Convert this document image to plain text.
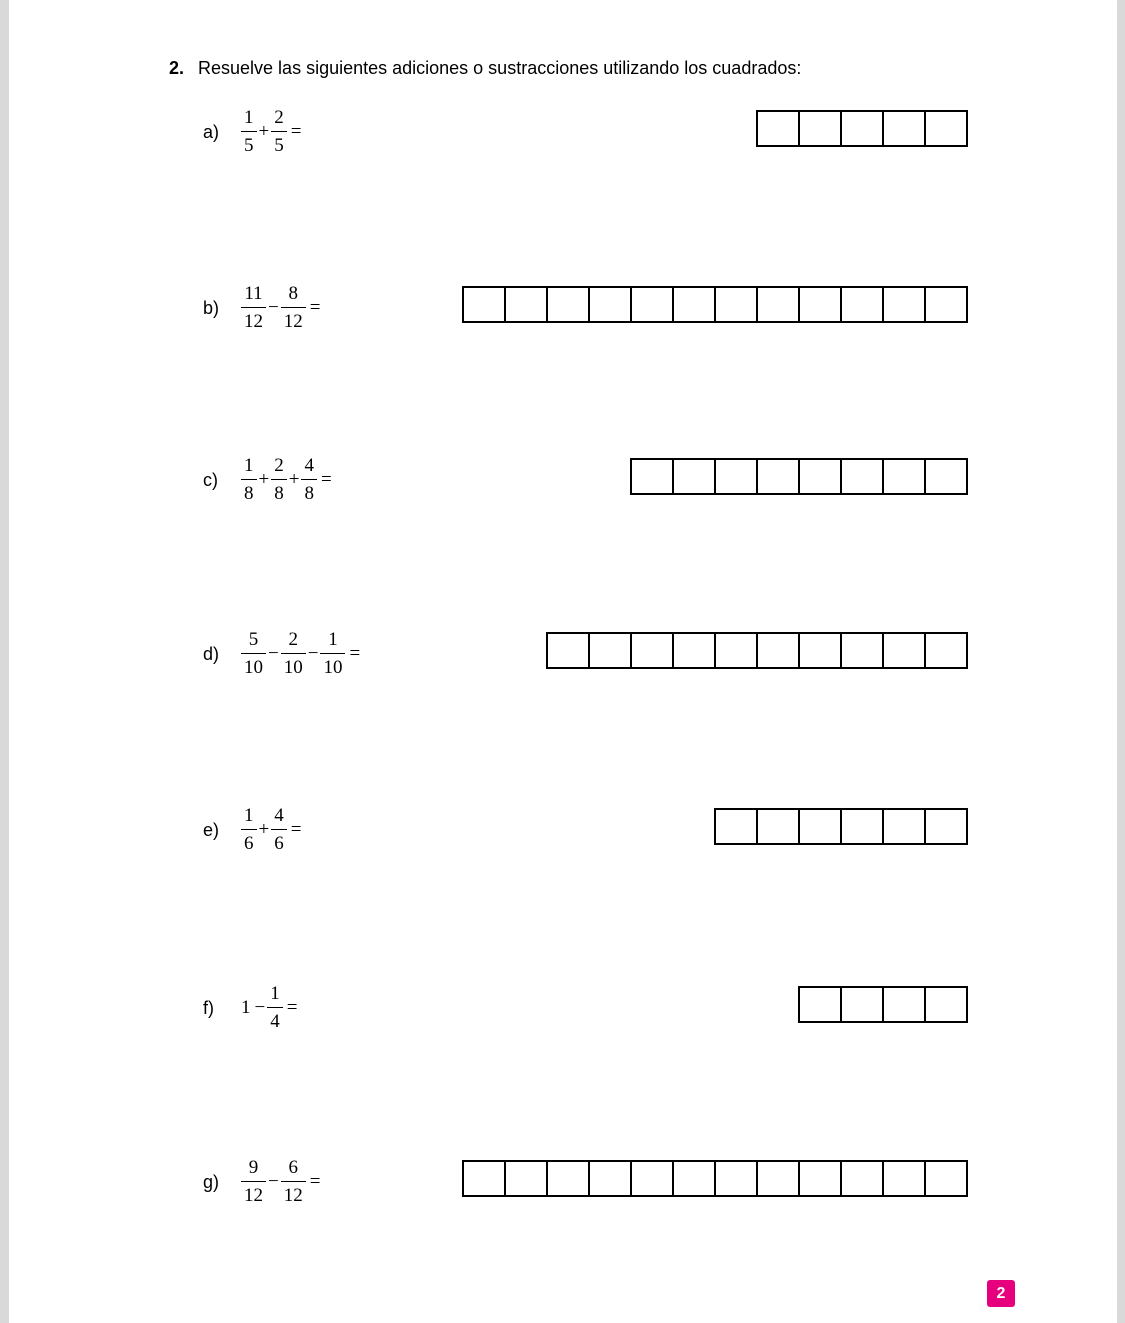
2. Resuelve las siguientes adiciones o sustracciones utilizando los cuadrados:
$a) \frac{1}{5} + \frac{2}{5}$ =
$b) \frac{11}{12} - \frac{8}{12}$ =
$c) \frac{1}{8} + \frac{2}{8} + \frac{4}{8}$ =
$d) \frac{5}{10} - \frac{2}{10} - \frac{1}{10}$ =
$e) \frac{1}{6} + \frac{4}{6}$ =
f) $1 - \frac{1}{4}$ =
$g) \frac{9}{12} - \frac{6}{12}$ =
2
